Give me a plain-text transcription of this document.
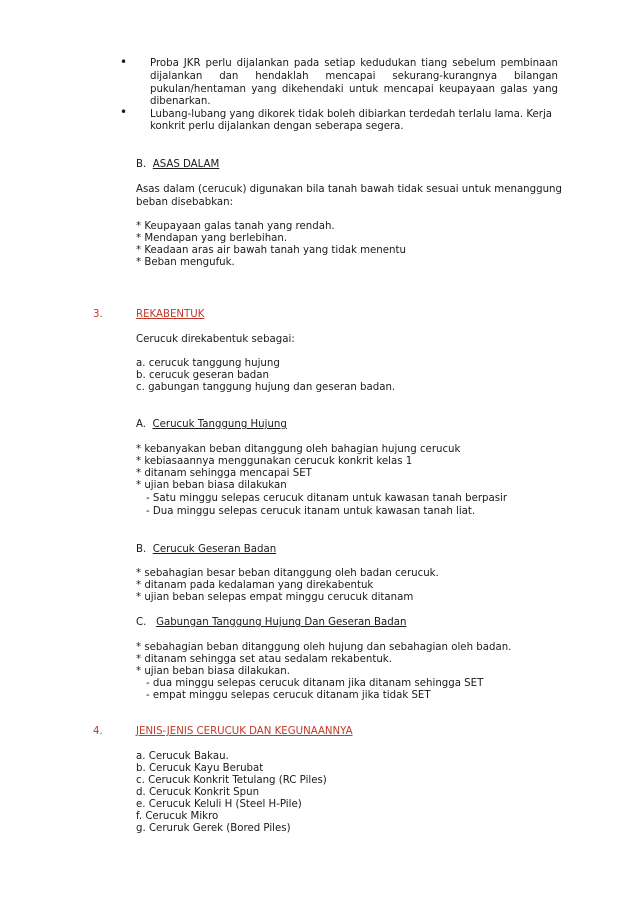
• Proba JKR perlu dijalankan pada setiap kedudukan tiang sebelum pembinaan
dijalankan dan hendaklah mencapai sekurang-kurangnya bilangan
pukulan/hentaman yang dikehendaki untuk mencapai keupayaan galas yang
dibenarkan.
• Lubang-lubang yang dikorek tidak boleh dibiarkan terdedah terlalu lama. Kerja
konkrit perlu dijalankan dengan seberapa segera.
B. ASAS DALAM
Asas dalam (cerucuk) digunakan bila tanah bawah tidak sesuai untuk menanggung
beban disebabkan:
* Keupayaan galas tanah yang rendah.
* Mendapan yang berlebihan.
* Keadaan aras air bawah tanah yang tidak menentu
* Beban mengufuk.
3.	REKABENTUK
Cerucuk direkabentuk sebagai:
a. cerucuk tanggung hujung
b. cerucuk geseran badan
c. gabungan tanggung hujung dan geseran badan.
A. Cerucuk Tanggung Hujung
* kebanyakan beban ditanggung oleh bahagian hujung cerucuk
* kebiasaannya menggunakan cerucuk konkrit kelas 1
* ditanam sehingga mencapai SET
* ujian beban biasa dilakukan
- Satu minggu selepas cerucuk ditanam untuk kawasan tanah berpasir
- Dua minggu selepas cerucuk itanam untuk kawasan tanah liat.
B. Cerucuk Geseran Badan
* sebahagian besar beban ditanggung oleh badan cerucuk.
* ditanam pada kedalaman yang direkabentuk
* ujian beban selepas empat minggu cerucuk ditanam
C. Gabungan Tanggung Hujung Dan Geseran Badan
* sebahagian beban ditanggung oleh hujung dan sebahagian oleh badan.
* ditanam sehingga set atau sedalam rekabentuk.
* ujian beban biasa dilakukan.
- dua minggu selepas cerucuk ditanam jika ditanam sehingga SET
- empat minggu selepas cerucuk ditanam jika tidak SET
4.	JENIS-JENIS CERUCUK DAN KEGUNAANNYA
a. Cerucuk Bakau.
b. Cerucuk Kayu Berubat
c. Cerucuk Konkrit Tetulang (RC Piles)
d. Cerucuk Konkrit Spun
e. Cerucuk Keluli H (Steel H-Pile)
f. Cerucuk Mikro
g. Ceruruk Gerek (Bored Piles)
